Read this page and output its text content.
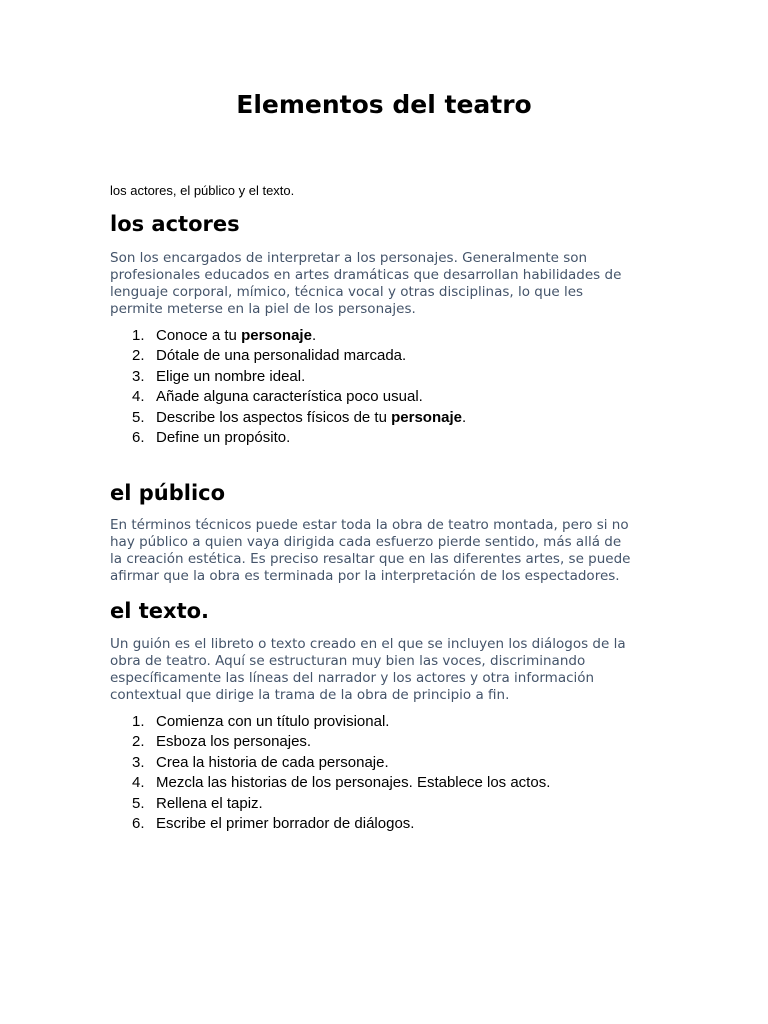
Elementos del teatro

los actores, el público y el texto.

los actores

Son los encargados de interpretar a los personajes. Generalmente son
profesionales educados en artes dramáticas que desarrollan habilidades de
lenguaje corporal, mímico, técnica vocal y otras disciplinas, lo que les
permite meterse en la piel de los personajes.

1. Conoce a tu personaje.
2. Dótale de una personalidad marcada.
3. Elige un nombre ideal.
4. Añade alguna característica poco usual.
5. Describe los aspectos físicos de tu personaje.
6. Define un propósito.
el público

En términos técnicos puede estar toda la obra de teatro montada, pero si no
hay público a quien vaya dirigida cada esfuerzo pierde sentido, más allá de
la creación estética. Es preciso resaltar que en las diferentes artes, se puede
afirmar que la obra es terminada por la interpretación de los espectadores.

el texto.

Un guión es el libreto o texto creado en el que se incluyen los diálogos de la
obra de teatro. Aquí se estructuran muy bien las voces, discriminando
específicamente las líneas del narrador y los actores y otra información
contextual que dirige la trama de la obra de principio a fin.

1. Comienza con un título provisional.
2. Esboza los personajes.
3. Crea la historia de cada personaje.
4. Mezcla las historias de los personajes. Establece los actos.
5. Rellena el tapiz.
6. Escribe el primer borrador de diálogos.
